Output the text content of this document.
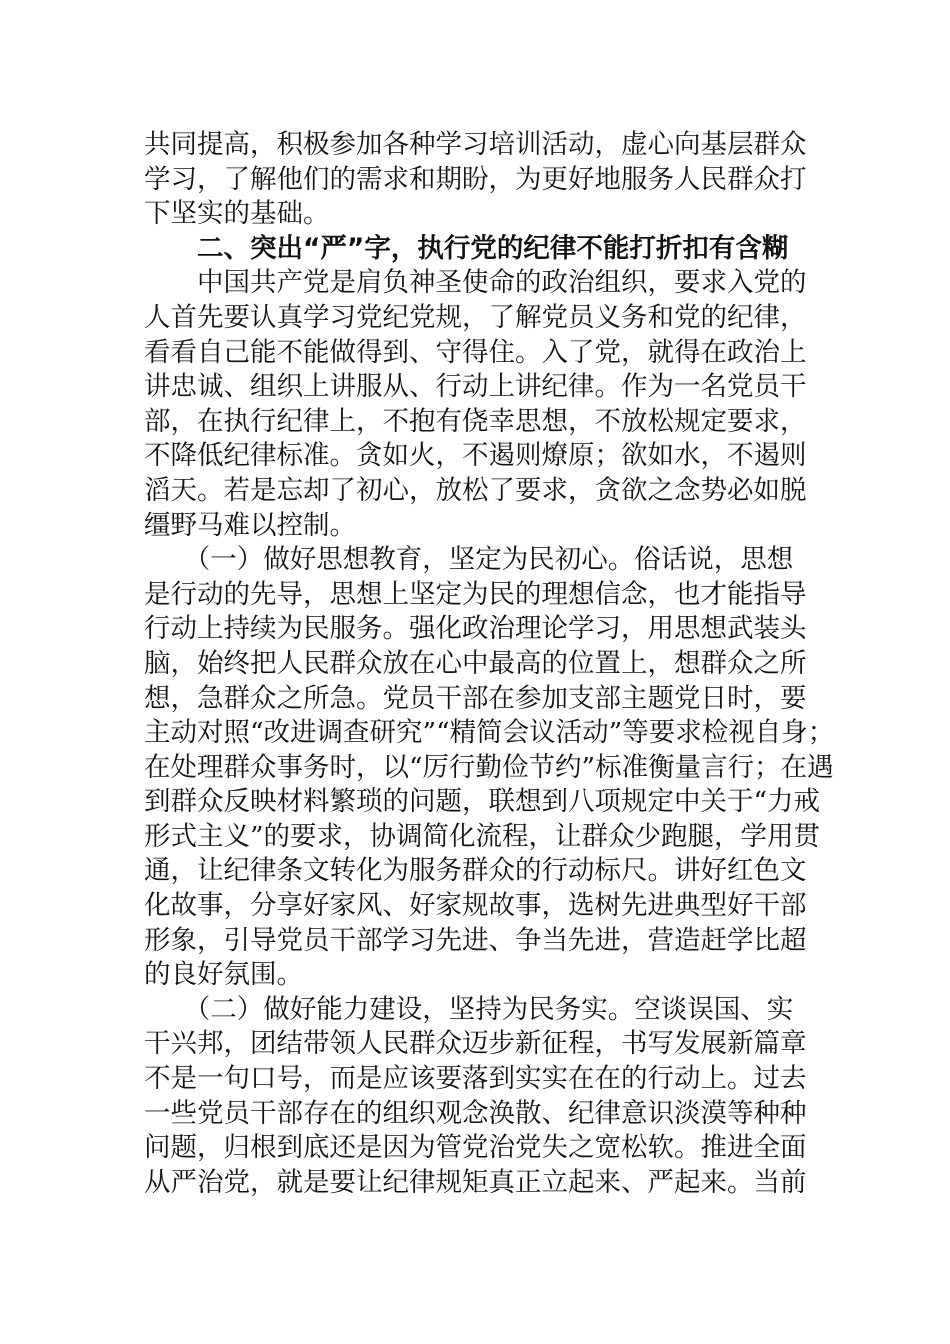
共同提高，积极参加各种学习培训活动，虚心向基层群众
学习，了解他们的需求和期盼，为更好地服务人民群众打
下坚实的基础。
　　二、突出“严”字，执行党的纪律不能打折扣有含糊
　　中国共产党是肩负神圣使命的政治组织，要求入党的
人首先要认真学习党纪党规，了解党员义务和党的纪律，
看看自己能不能做得到、守得住。入了党，就得在政治上
讲忠诚、组织上讲服从、行动上讲纪律。作为一名党员干
部，在执行纪律上，不抱有侥幸思想，不放松规定要求，
不降低纪律标准。贪如火，不遏则燎原；欲如水，不遏则
滔天。若是忘却了初心，放松了要求，贪欲之念势必如脱
缰野马难以控制。
　　（一）做好思想教育，坚定为民初心。俗话说，思想
是行动的先导，思想上坚定为民的理想信念，也才能指导
行动上持续为民服务。强化政治理论学习，用思想武装头
脑，始终把人民群众放在心中最高的位置上，想群众之所
想，急群众之所急。党员干部在参加支部主题党日时，要
主动对照“改进调查研究”“精简会议活动”等要求检视自身；
在处理群众事务时，以“厉行勤俭节约”标准衡量言行；在遇
到群众反映材料繁琐的问题，联想到八项规定中关于“力戒
形式主义”的要求，协调简化流程，让群众少跑腿，学用贯
通，让纪律条文转化为服务群众的行动标尺。讲好红色文
化故事，分享好家风、好家规故事，选树先进典型好干部
形象，引导党员干部学习先进、争当先进，营造赶学比超
的良好氛围。
　　（二）做好能力建设，坚持为民务实。空谈误国、实
干兴邦，团结带领人民群众迈步新征程，书写发展新篇章
不是一句口号，而是应该要落到实实在在的行动上。过去
一些党员干部存在的组织观念涣散、纪律意识淡漠等种种
问题，归根到底还是因为管党治党失之宽松软。推进全面
从严治党，就是要让纪律规矩真正立起来、严起来。当前
